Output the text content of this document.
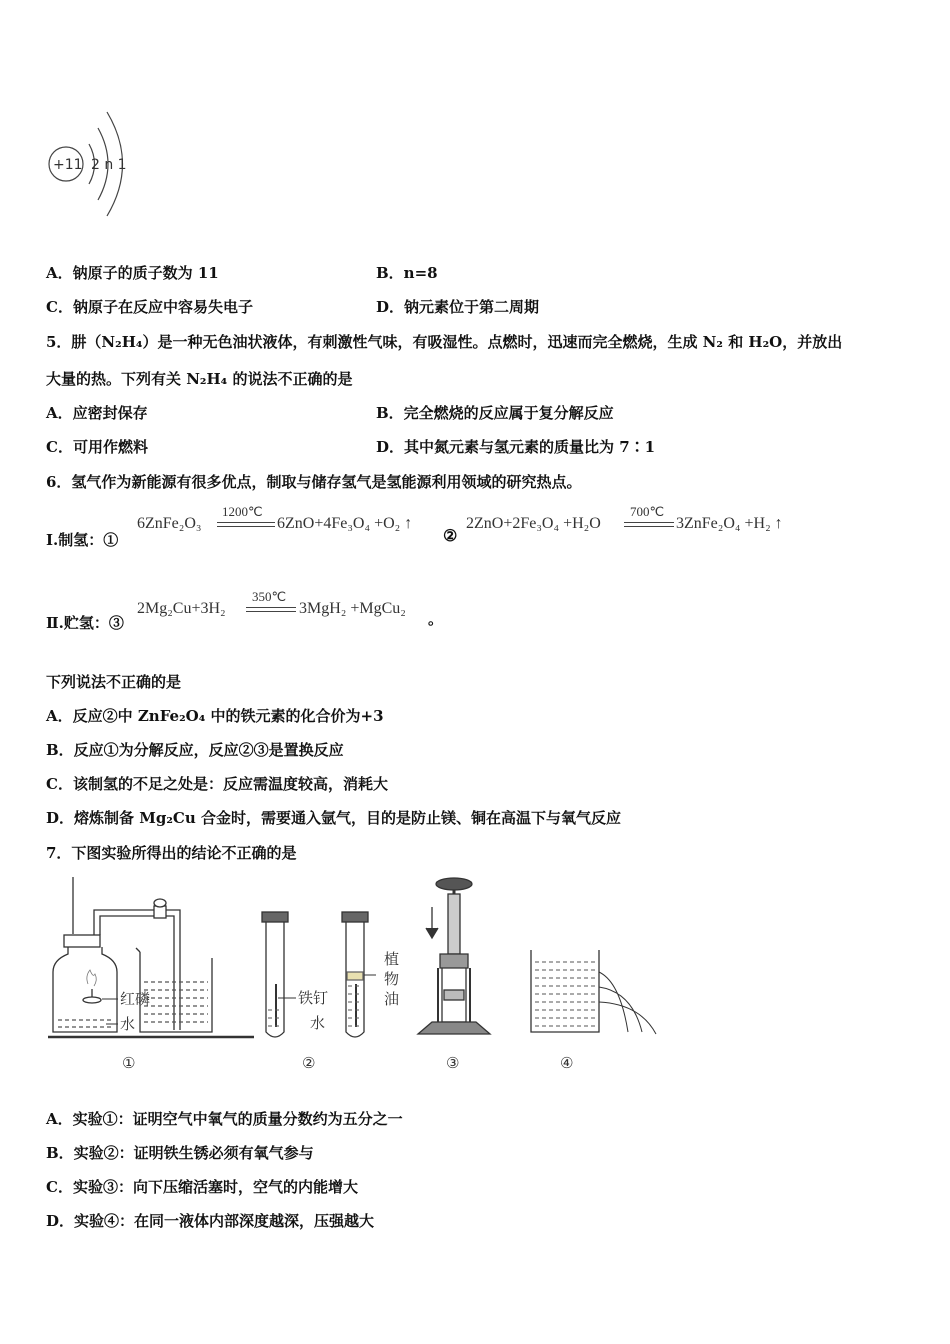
+11 2 n 1
A．钠原子的质子数为 11	B．n=8
C．钠原子在反应中容易失电子	D．钠元素位于第二周期
5．肼（N₂H₄）是一种无色油状液体，有刺激性气味，有吸湿性。点燃时，迅速而完全燃烧，生成 N₂ 和 H₂O，并放出
大量的热。下列有关 N₂H₄ 的说法不正确的是
A．应密封保存	B．完全燃烧的反应属于复分解反应
C．可用作燃料	D．其中氮元素与氢元素的质量比为 7∶1
6．氢气作为新能源有很多优点，制取与储存氢气是氢能源利用领域的研究热点。
Ⅰ.制氢：①
6ZnFe₂O₃
1200℃
6ZnO+4Fe₃O₄ +O₂ ↑
②
2ZnO+2Fe₃O₄ +H₂O
700℃
3ZnFe₂O₄ +H₂ ↑
Ⅱ.贮氢：③
2Mg₂Cu+3H₂
350℃
3MgH₂ +MgCu₂
。
下列说法不正确的是
A．反应②中 ZnFe₂O₄ 中的铁元素的化合价为+3
B．反应①为分解反应，反应②③是置换反应
C．该制氢的不足之处是：反应需温度较高，消耗大
D．熔炼制备 Mg₂Cu 合金时，需要通入氩气，目的是防止镁、铜在高温下与氧气反应
7．下图实验所得出的结论不正确的是
红磷
水
①
铁钉
水
植
物
油
②	③	④
A．实验①：证明空气中氧气的质量分数约为五分之一
B．实验②：证明铁生锈必须有氧气参与
C．实验③：向下压缩活塞时，空气的内能增大
D．实验④：在同一液体内部深度越深，压强越大
